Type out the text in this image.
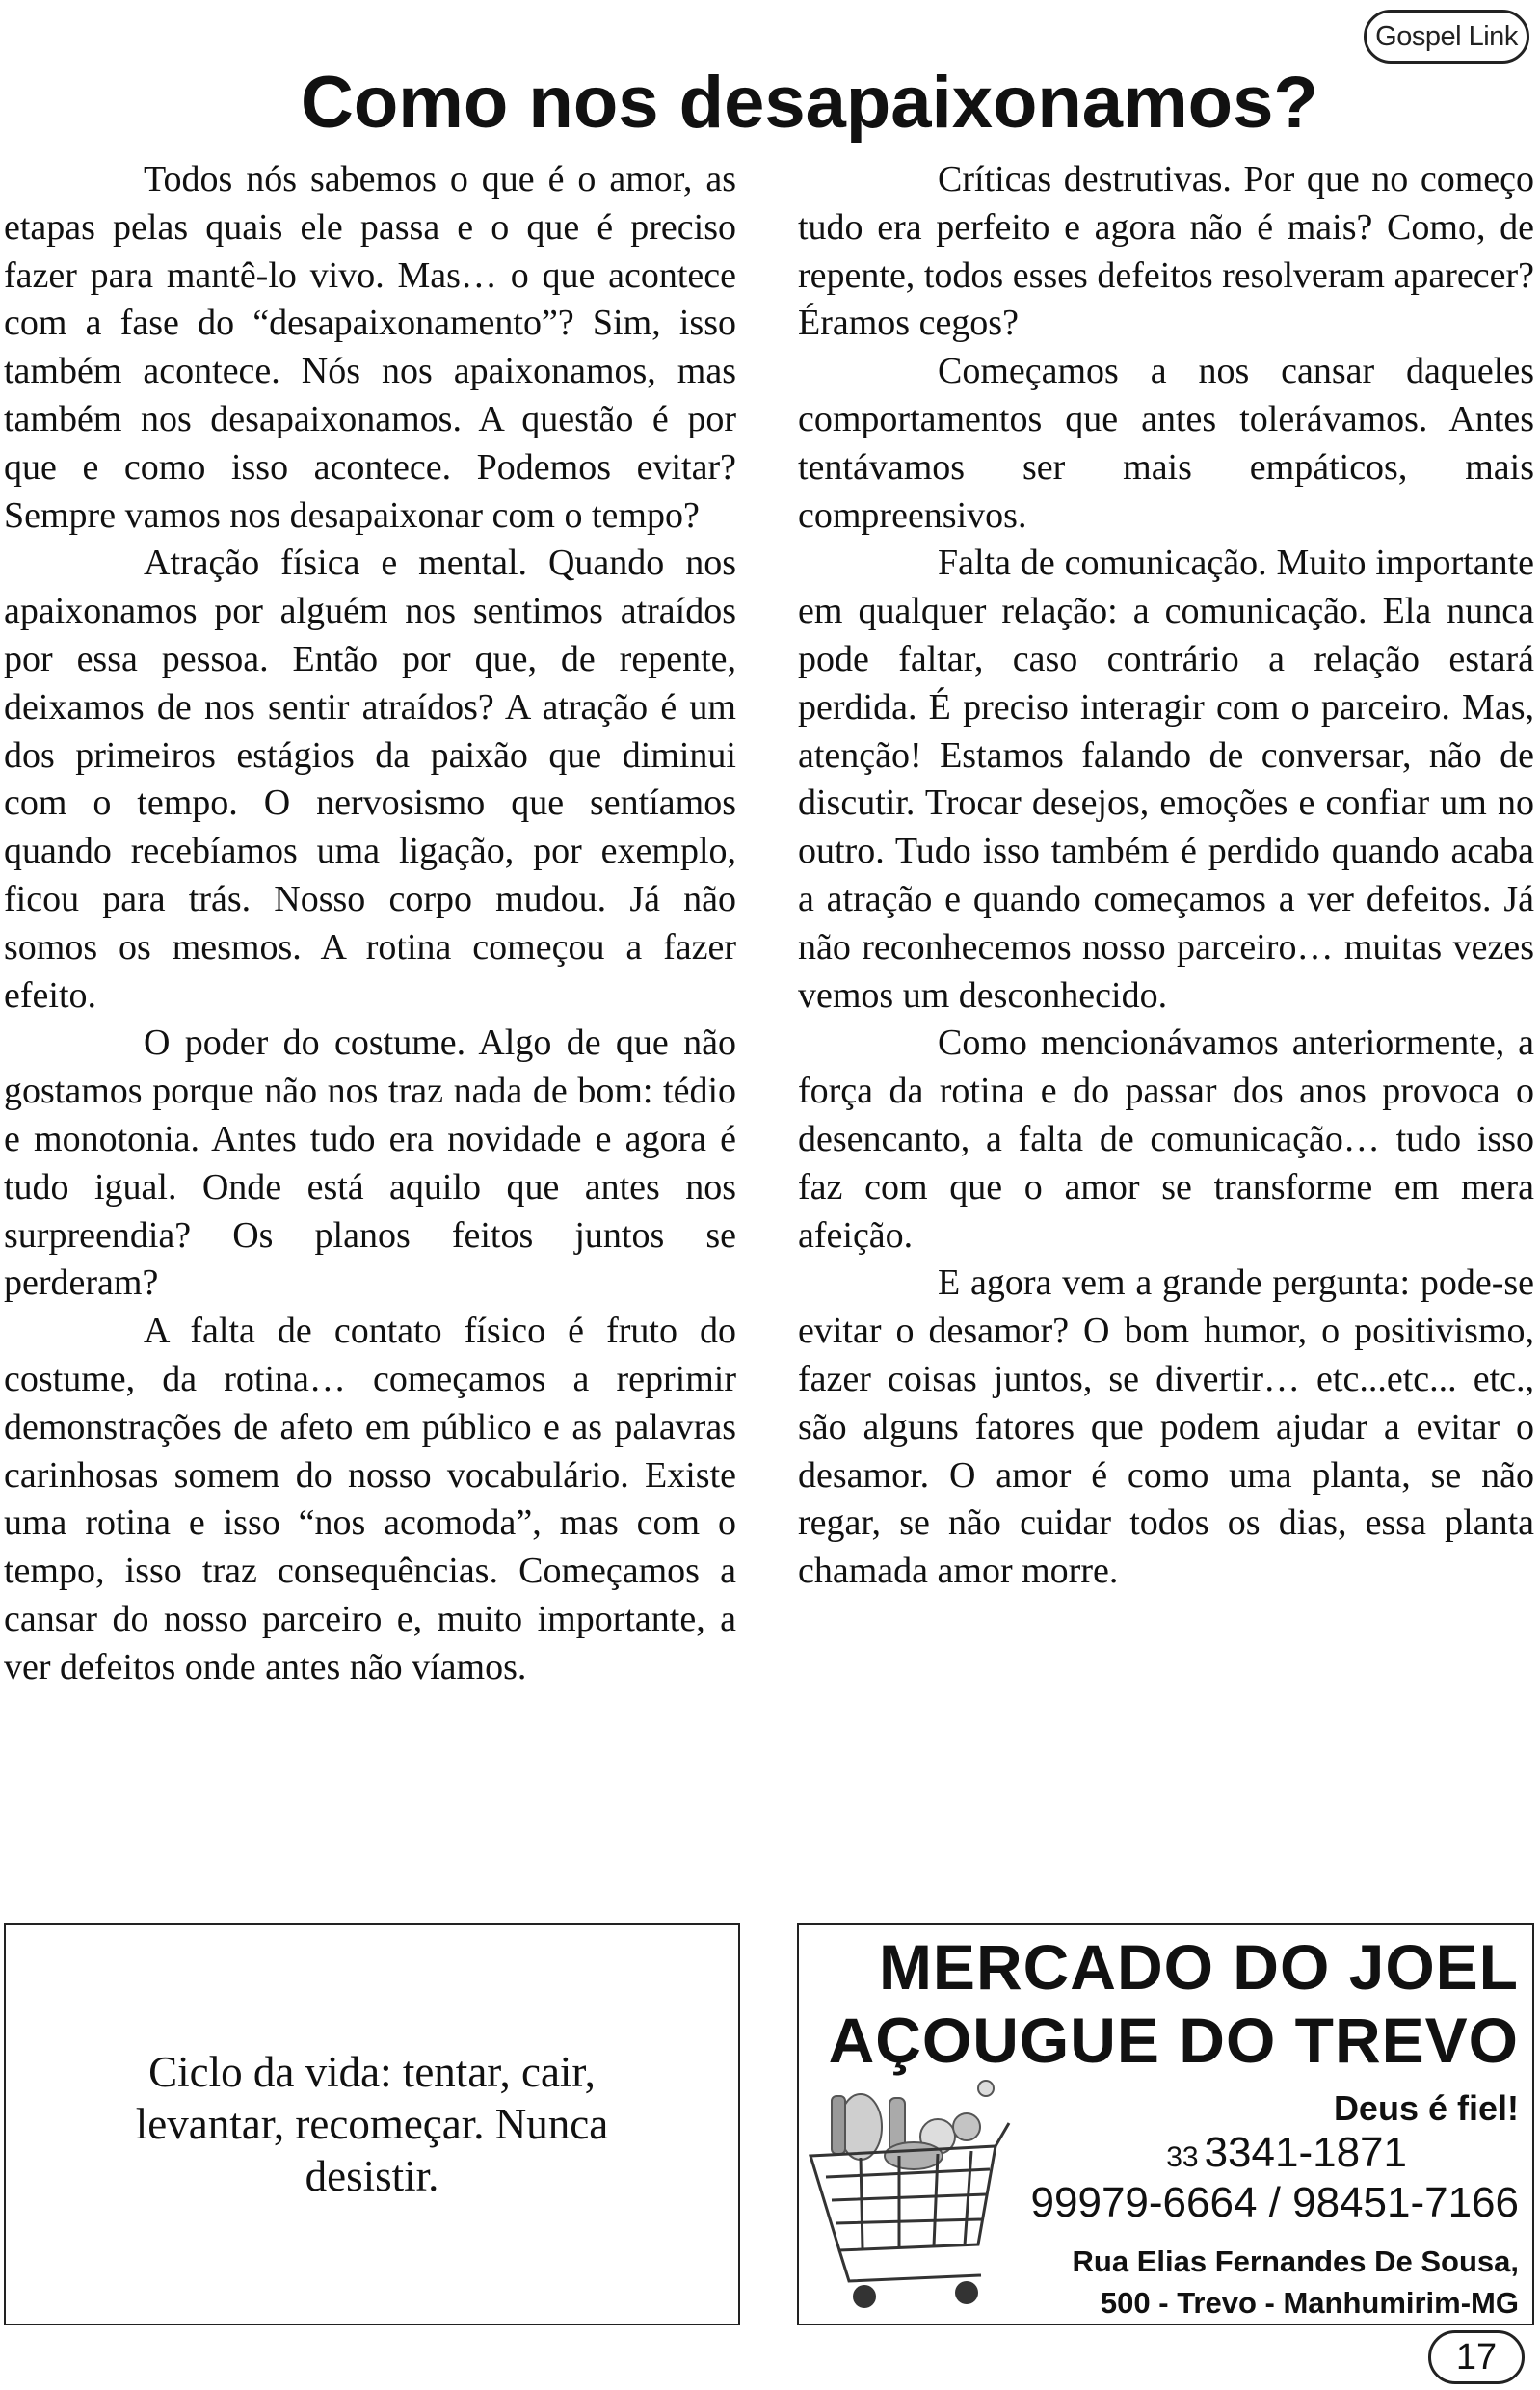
Gospel Link
Como nos desapaixonamos?

Todos nós sabemos o que é o amor, as etapas pelas quais ele passa e o que é preciso fazer para mantê-lo vivo. Mas… o que acontece com a fase do “desapaixonamento”? Sim, isso também acontece. Nós nos apaixonamos, mas também nos desapaixonamos. A questão é por que e como isso acontece. Podemos evitar? Sempre vamos nos desapaixonar com o tempo?

Atração física e mental. Quando nos apaixonamos por alguém nos sentimos atraídos por essa pessoa. Então por que, de repente, deixamos de nos sentir atraídos? A atração é um dos primeiros estágios da paixão que diminui com o tempo. O nervosismo que sentíamos quando recebíamos uma ligação, por exemplo, ficou para trás. Nosso corpo mudou. Já não somos os mesmos. A rotina começou a fazer efeito.

O poder do costume. Algo de que não gostamos porque não nos traz nada de bom: tédio e monotonia. Antes tudo era novidade e agora é tudo igual. Onde está aquilo que antes nos surpreendia? Os planos feitos juntos se perderam?

A falta de contato físico é fruto do costume, da rotina… começamos a reprimir demonstrações de afeto em público e as palavras carinhosas somem do nosso vocabulário. Existe uma rotina e isso “nos acomoda”, mas com o tempo, isso traz consequências. Começamos a cansar do nosso parceiro e, muito importante, a ver defeitos onde antes não víamos.

Críticas destrutivas. Por que no começo tudo era perfeito e agora não é mais? Como, de repente, todos esses defeitos resolveram aparecer? Éramos cegos?

Começamos a nos cansar daqueles comportamentos que antes tolerávamos. Antes tentávamos ser mais empáticos, mais compreensivos.

Falta de comunicação. Muito importante em qualquer relação: a comunicação. Ela nunca pode faltar, caso contrário a relação estará perdida. É preciso interagir com o parceiro. Mas, atenção! Estamos falando de conversar, não de discutir. Trocar desejos, emoções e confiar um no outro. Tudo isso também é perdido quando acaba a atração e quando começamos a ver defeitos. Já não reconhecemos nosso parceiro… muitas vezes vemos um desconhecido.

Como mencionávamos anteriormente, a força da rotina e do passar dos anos provoca o desencanto, a falta de comunicação… tudo isso faz com que o amor se transforme em mera afeição.

E agora vem a grande pergunta: pode-se evitar o desamor? O bom humor, o positivismo, fazer coisas juntos, se divertir… etc...etc... etc., são alguns fatores que podem ajudar a evitar o desamor. O amor é como uma planta, se não regar, se não cuidar todos os dias, essa planta chamada amor morre.

Ciclo da vida: tentar, cair, levantar, recomeçar. Nunca desistir.

MERCADO DO JOEL

AÇOUGUE DO TREVO

Deus é fiel!

33 3341-1871

99979-6664 / 98451-7166

Rua Elias Fernandes De Sousa,

500 - Trevo - Manhumirim-MG

17
